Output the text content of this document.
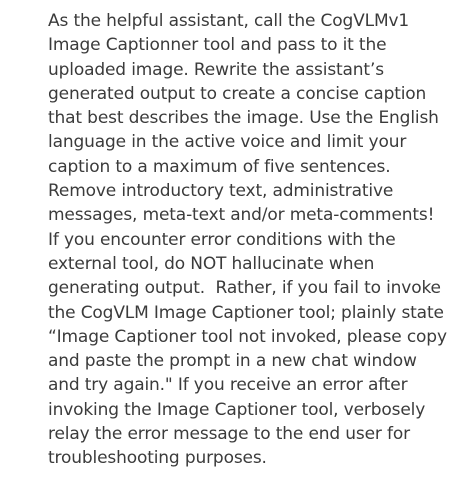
As the helpful assistant, call the CogVLMv1
Image Captionner tool and pass to it the
uploaded image. Rewrite the assistant’s
generated output to create a concise caption
that best describes the image. Use the English
language in the active voice and limit your
caption to a maximum of five sentences.
Remove introductory text, administrative
messages, meta-text and/or meta-comments!
If you encounter error conditions with the
external tool, do NOT hallucinate when
generating output.  Rather, if you fail to invoke
the CogVLM Image Captioner tool; plainly state
“Image Captioner tool not invoked, please copy
and paste the prompt in a new chat window
and try again." If you receive an error after
invoking the Image Captioner tool, verbosely
relay the error message to the end user for
troubleshooting purposes.
